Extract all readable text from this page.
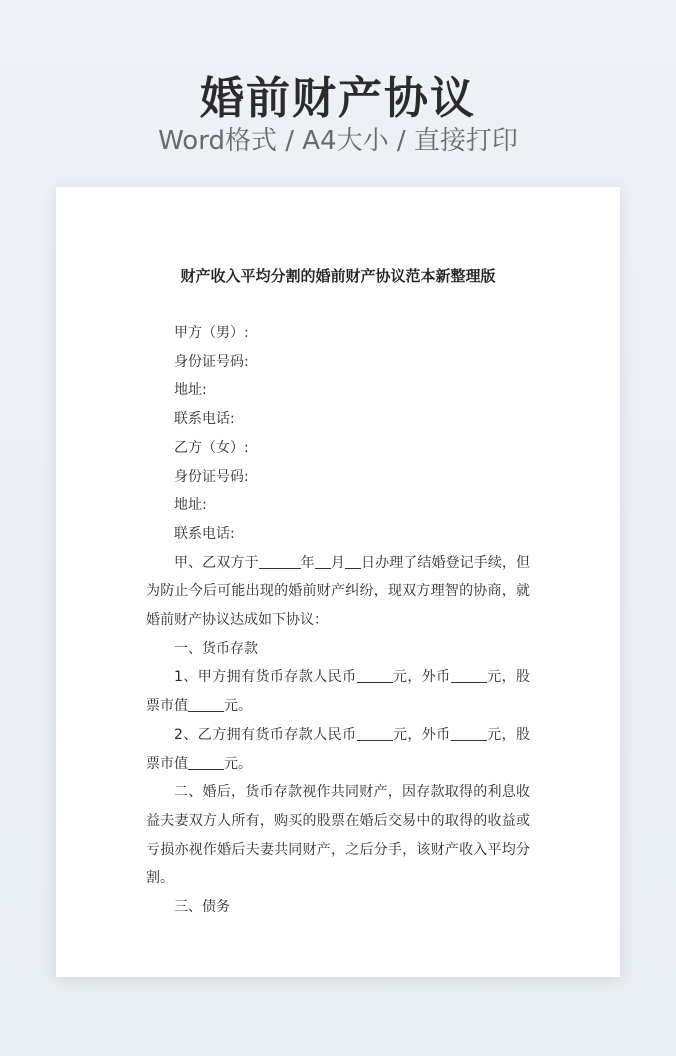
婚前财产协议
Word格式 / A4大小 / 直接打印
财产收入平均分割的婚前财产协议范本新整理版

甲方（男）:

身份证号码:

地址:

联系电话:

乙方（女）:

身份证号码:

地址:

联系电话:

甲、乙双方于	年 月 日办理了结婚登记手续，但为防止今后可能出现的婚前财产纠纷，现双方理智的协商，就婚前财产协议达成如下协议：

一、货币存款

1、甲方拥有货币存款人民币	元，外币	元，股票市值	元。

2、乙方拥有货币存款人民币	元，外币	元，股票市值	元。

二、婚后，货币存款视作共同财产，因存款取得的利息收益夫妻双方人所有，购买的股票在婚后交易中的取得的收益或亏损亦视作婚后夫妻共同财产，之后分手，该财产收入平均分割。

三、债务
